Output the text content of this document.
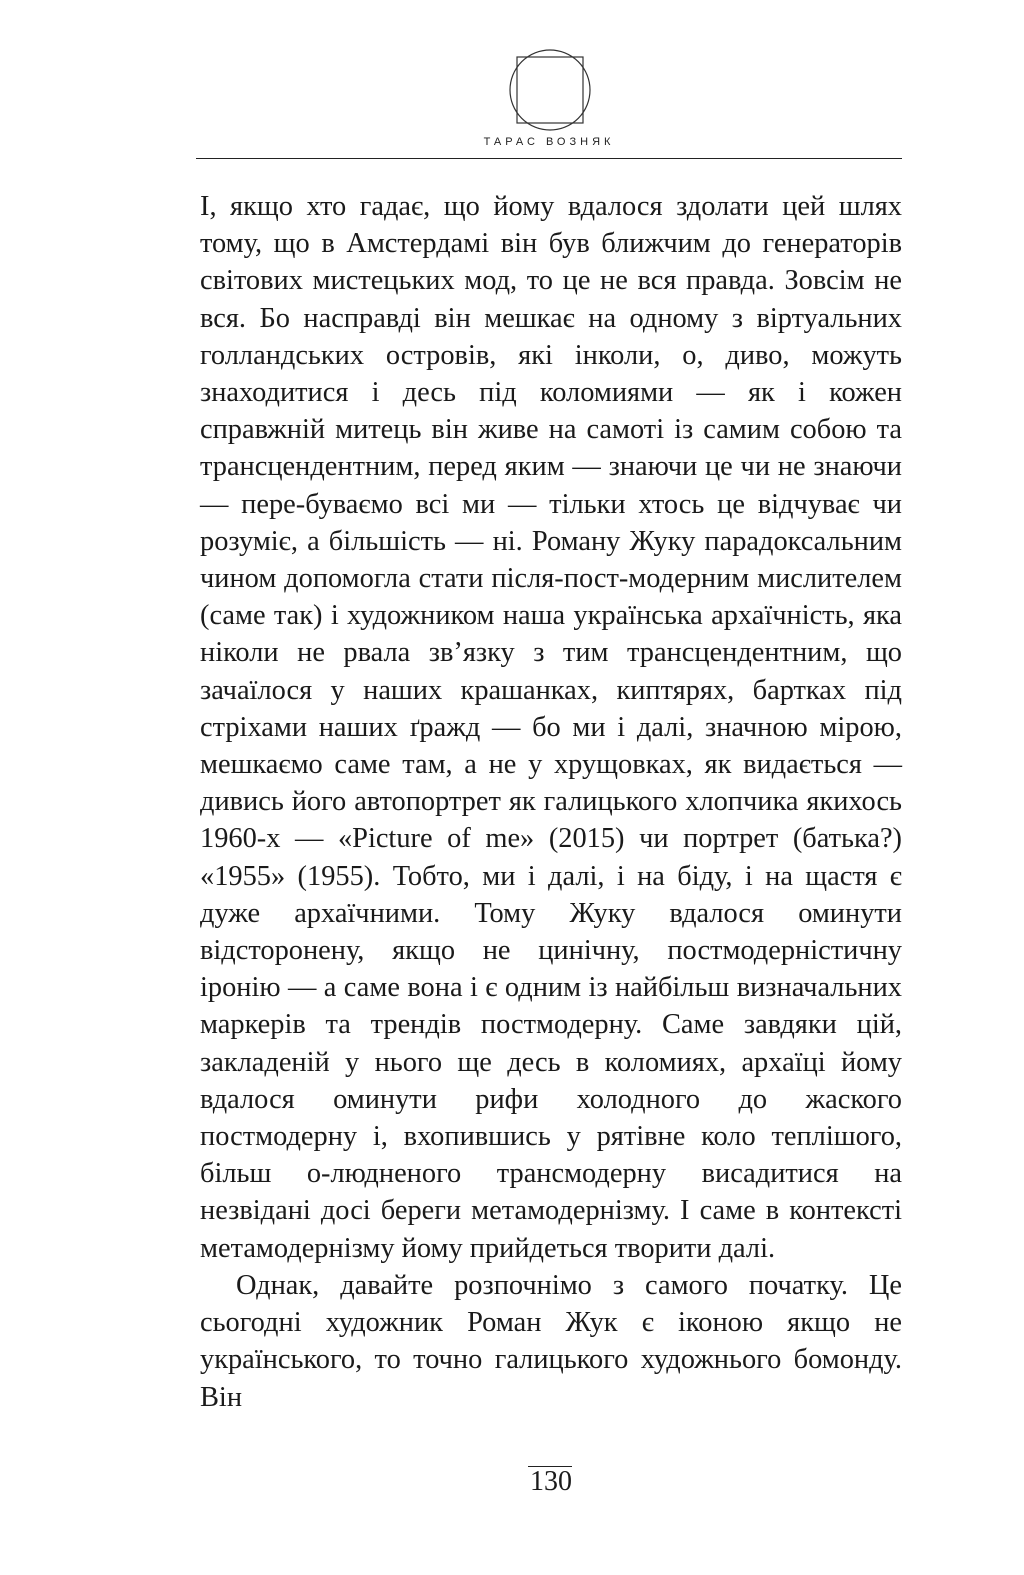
ТАРАС ВОЗНЯК

І, якщо хто гадає, що йому вдалося здолати цей шлях тому, що в Амстердамі він був ближчим до генераторів світових мистецьких мод, то це не вся правда. Зовсім не вся. Бо насправді він мешкає на одному з віртуальних голландських островів, які інколи, о, диво, можуть знаходитися і десь під коломиями — як і кожен справжній митець він живе на самоті із самим собою та трансцендентним, перед яким — знаючи це чи не знаючи — пере-буваємо всі ми — тільки хтось це відчуває чи розуміє, а більшість — ні. Роману Жуку парадоксальним чином допомогла стати після-пост-модерним мислителем (саме так) і художником наша українська архаїчність, яка ніколи не рвала зв’язку з тим трансцендентним, що зачаїлося у наших крашанках, киптярях, бартках під стріхами наших ґражд — бо ми і далі, значною мірою, мешкаємо саме там, а не у хрущовках, як видається — дивись його автопортрет як галицького хлопчика якихось 1960-х — «Picture of me» (2015) чи портрет (батька?) «1955» (1955). Тобто, ми і далі, і на біду, і на щастя є дуже архаїчними. Тому Жуку вдалося оминути відсторонену, якщо не цинічну, постмодерністичну іронію — а саме вона і є одним із найбільш визначальних маркерів та трендів постмодерну. Саме завдяки цій, закладеній у нього ще десь в коломиях, архаїці йому вдалося оминути рифи холодного до жаского постмодерну і, вхопившись у рятівне коло теплішого, більш о-людненого трансмодерну висадитися на незвідані досі береги метамодернізму. І саме в контексті метамодернізму йому прийдеться творити далі.

Однак, давайте розпочнімо з самого початку. Це сьогодні художник Роман Жук є іконою якщо не українського, то точно галицького художнього бомонду. Він

130
